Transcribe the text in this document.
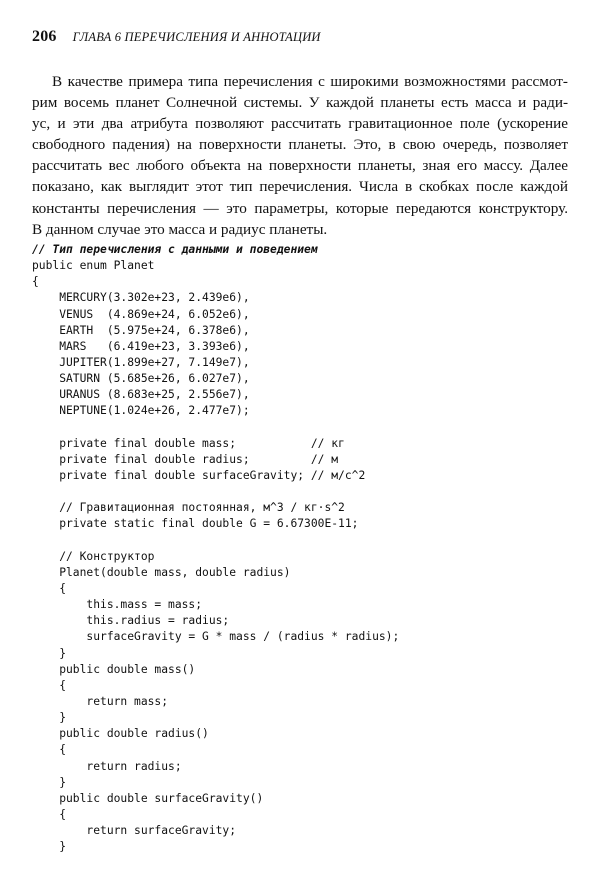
206 ГЛАВА 6 ПЕРЕЧИСЛЕНИЯ И АННОТАЦИИ
В качестве примера типа перечисления с широкими возможностями рассмот-
рим восемь планет Солнечной системы. У каждой планеты есть масса и ради-
ус, и эти два атрибута позволяют рассчитать гравитационное поле (ускорение
свободного падения) на поверхности планеты. Это, в свою очередь, позволяет
рассчитать вес любого объекта на поверхности планеты, зная его массу. Далее
показано, как выглядит этот тип перечисления. Числа в скобках после каждой
константы перечисления — это параметры, которые передаются конструктору.
В данном случае это масса и радиус планеты.
// Тип перечисления с данными и поведением
public enum Planet
{
MERCURY(3.302e+23, 2.439e6),
VENUS  (4.869e+24, 6.052e6),
EARTH  (5.975e+24, 6.378e6),
MARS   (6.419e+23, 3.393e6),
JUPITER(1.899e+27, 7.149e7),
SATURN (5.685e+26, 6.027e7),
URANUS (8.683e+25, 2.556e7),
NEPTUNE(1.024e+26, 2.477e7);
private final double mass;           // кг
private final double radius;         // м
private final double surfaceGravity; // м/с^2
// Гравитационная постоянная, м^3 / кг·s^2
private static final double G = 6.67300E-11;
// Конструктор
Planet(double mass, double radius)
{
this.mass = mass;
this.radius = radius;
surfaceGravity = G * mass / (radius * radius);
}
public double mass()
{
return mass;
}
public double radius()
{
return radius;
}
public double surfaceGravity()
{
return surfaceGravity;
}
